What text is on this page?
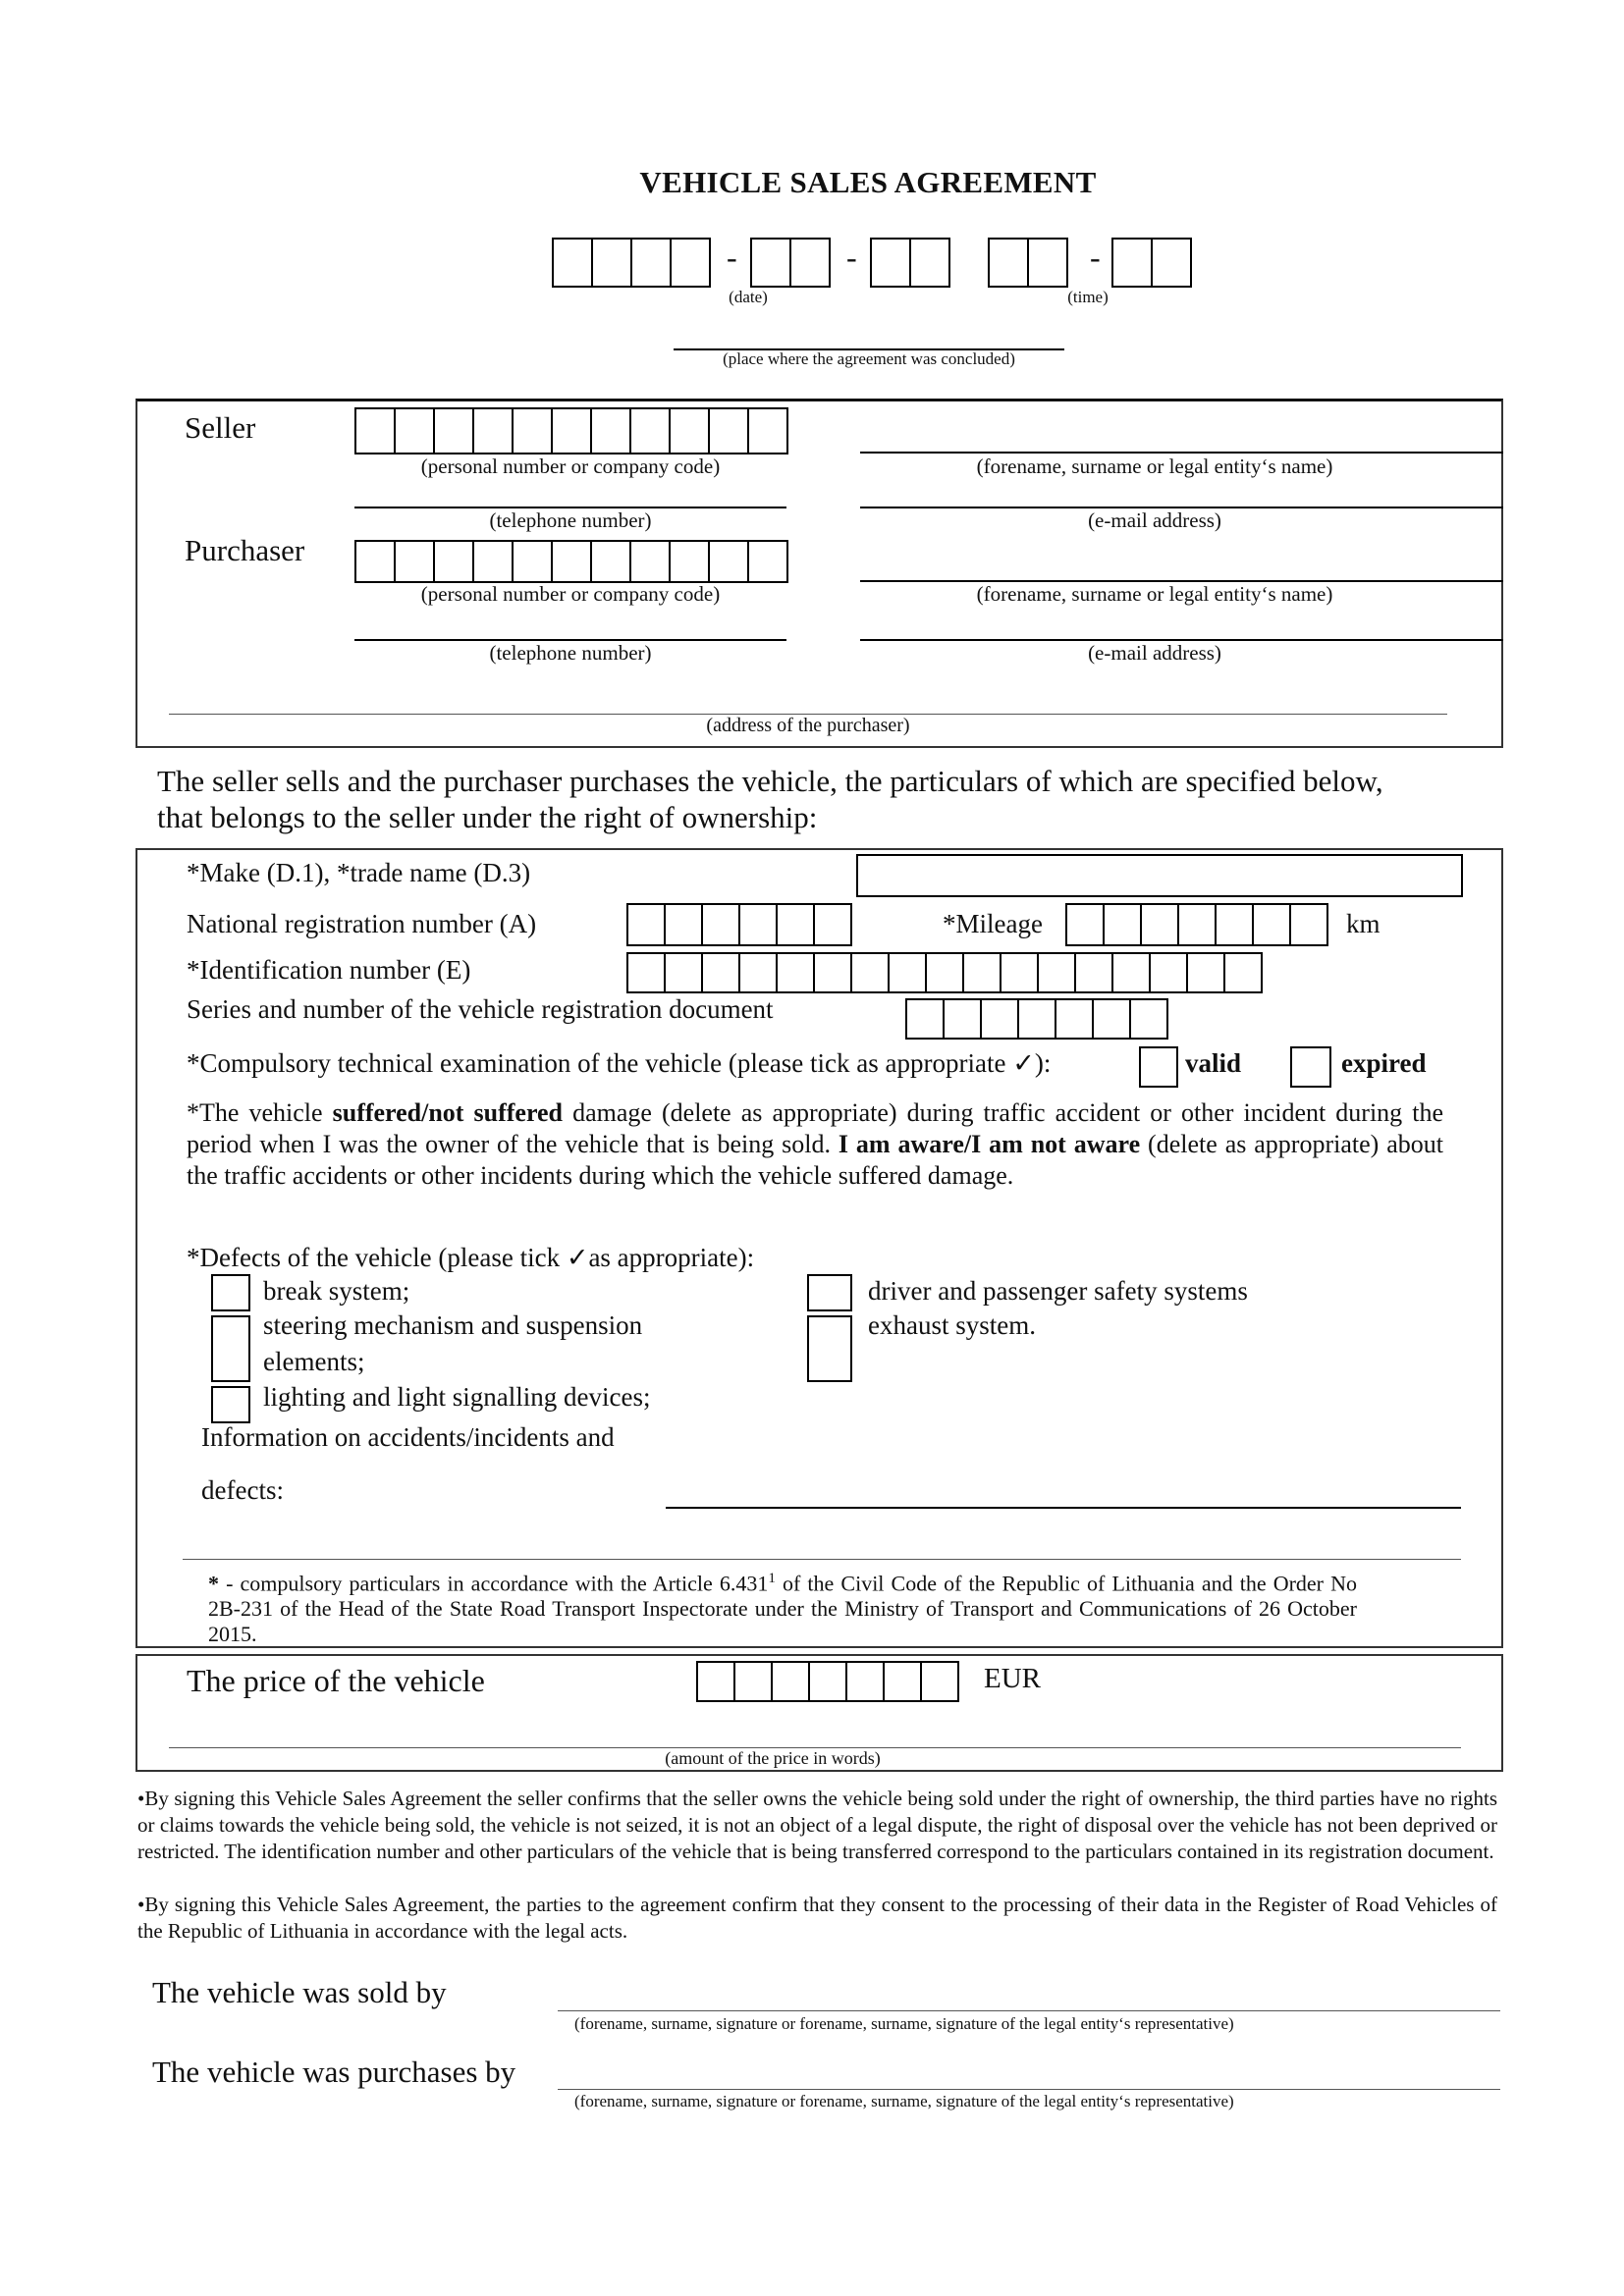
VEHICLE SALES AGREEMENT
-	-	-
(date)	(time)
(place where the agreement was concluded)
Seller
(personal number or company code)	(forename, surname or legal entity‘s name)
(telephone number)	(e-mail address)
Purchaser
(personal number or company code)	(forename, surname or legal entity‘s name)
(telephone number)	(e-mail address)
(address of the purchaser)
The seller sells and the purchaser purchases the vehicle, the particulars of which are specified below,
that belongs to the seller under the right of ownership:
*Make (D.1), *trade name (D.3)
National registration number (A)	*Mileage	km
*Identification number (E)
Series and number of the vehicle registration document
*Compulsory technical examination of the vehicle (please tick as appropriate ✓):	valid	expired
*The vehicle suffered/not suffered damage (delete as appropriate) during traffic accident or other incident during the period when I was the owner of the vehicle that is being sold. I am aware/I am not aware (delete as appropriate) about the traffic accidents or other incidents during which the vehicle suffered damage.
*Defects of the vehicle (please tick ✓as appropriate):
break system;
steering mechanism and suspension
elements;
lighting and light signalling devices;
driver and passenger safety systems
exhaust system.
Information on accidents/incidents and
defects:
* - compulsory particulars in accordance with the Article 6.431$^1$ of the Civil Code of the Republic of Lithuania and the Order No 2B-231 of the Head of the State Road Transport Inspectorate under the Ministry of Transport and Communications of 26 October 2015.
The price of the vehicle	EUR
(amount of the price in words)
•By signing this Vehicle Sales Agreement the seller confirms that the seller owns the vehicle being sold under the right of ownership, the third parties have no rights or claims towards the vehicle being sold, the vehicle is not seized, it is not an object of a legal dispute, the right of disposal over the vehicle has not been deprived or restricted. The identification number and other particulars of the vehicle that is being transferred correspond to the particulars contained in its registration document.
•By signing this Vehicle Sales Agreement, the parties to the agreement confirm that they consent to the processing of their data in the Register of Road Vehicles of the Republic of Lithuania in accordance with the legal acts.
The vehicle was sold by
(forename, surname, signature or forename, surname, signature of the legal entity‘s representative)
The vehicle was purchases by
(forename, surname, signature or forename, surname, signature of the legal entity‘s representative)
